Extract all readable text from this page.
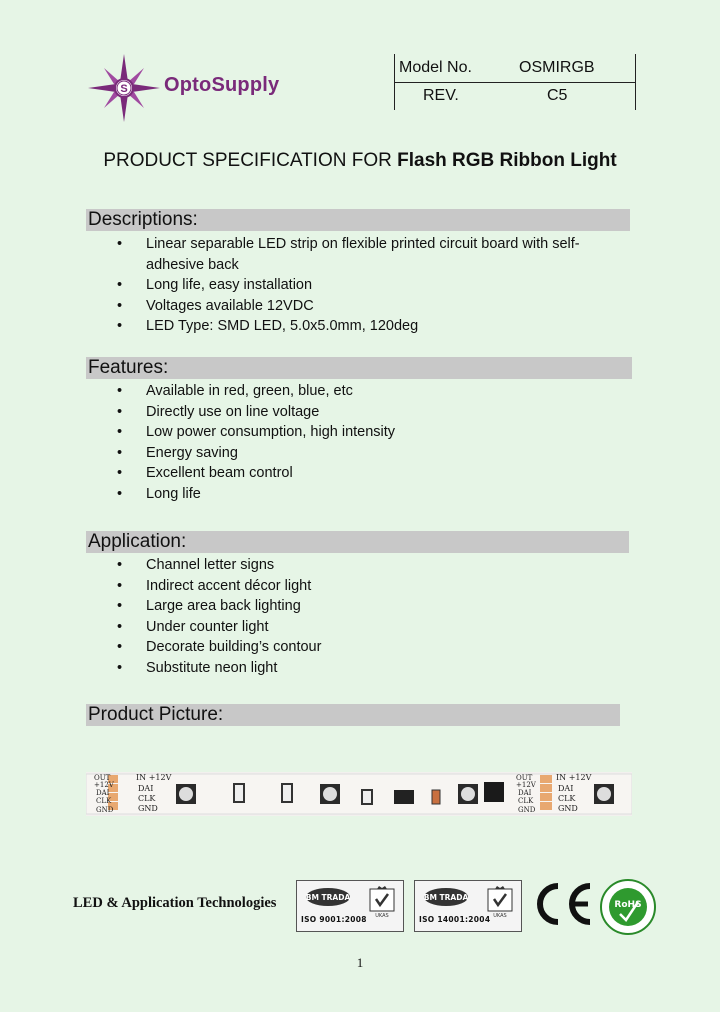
S OptoSupply
Model No.	OSMIRGB
REV.	C5
PRODUCT SPECIFICATION FOR Flash RGB Ribbon Light
Descriptions:
• Linear separable LED strip on flexible printed circuit board with self-
adhesive back
• Long life, easy installation
• Voltages available 12VDC
• LED Type: SMD LED, 5.0x5.0mm, 120deg
Features:
• Available in red, green, blue, etc
• Directly use on line voltage
• Low power consumption, high intensity
• Energy saving
• Excellent beam control
• Long life
Application:
• Channel letter signs
• Indirect accent décor light
• Large area back lighting
• Under counter light
• Decorate building’s contour
• Substitute neon light
Product Picture:
OUT
+12V
DAI
CLK
GND
IN +12V
DAI
CLK
GND
OUT
+12V
DAI
CLK
GND
IN +12V
DAI
CLK
GND
LED & Application Technologies	BM TRADA
UKAS
ISO 9001:2008
BM TRADA
UKAS
ISO 14001:2004
RoHS
1
